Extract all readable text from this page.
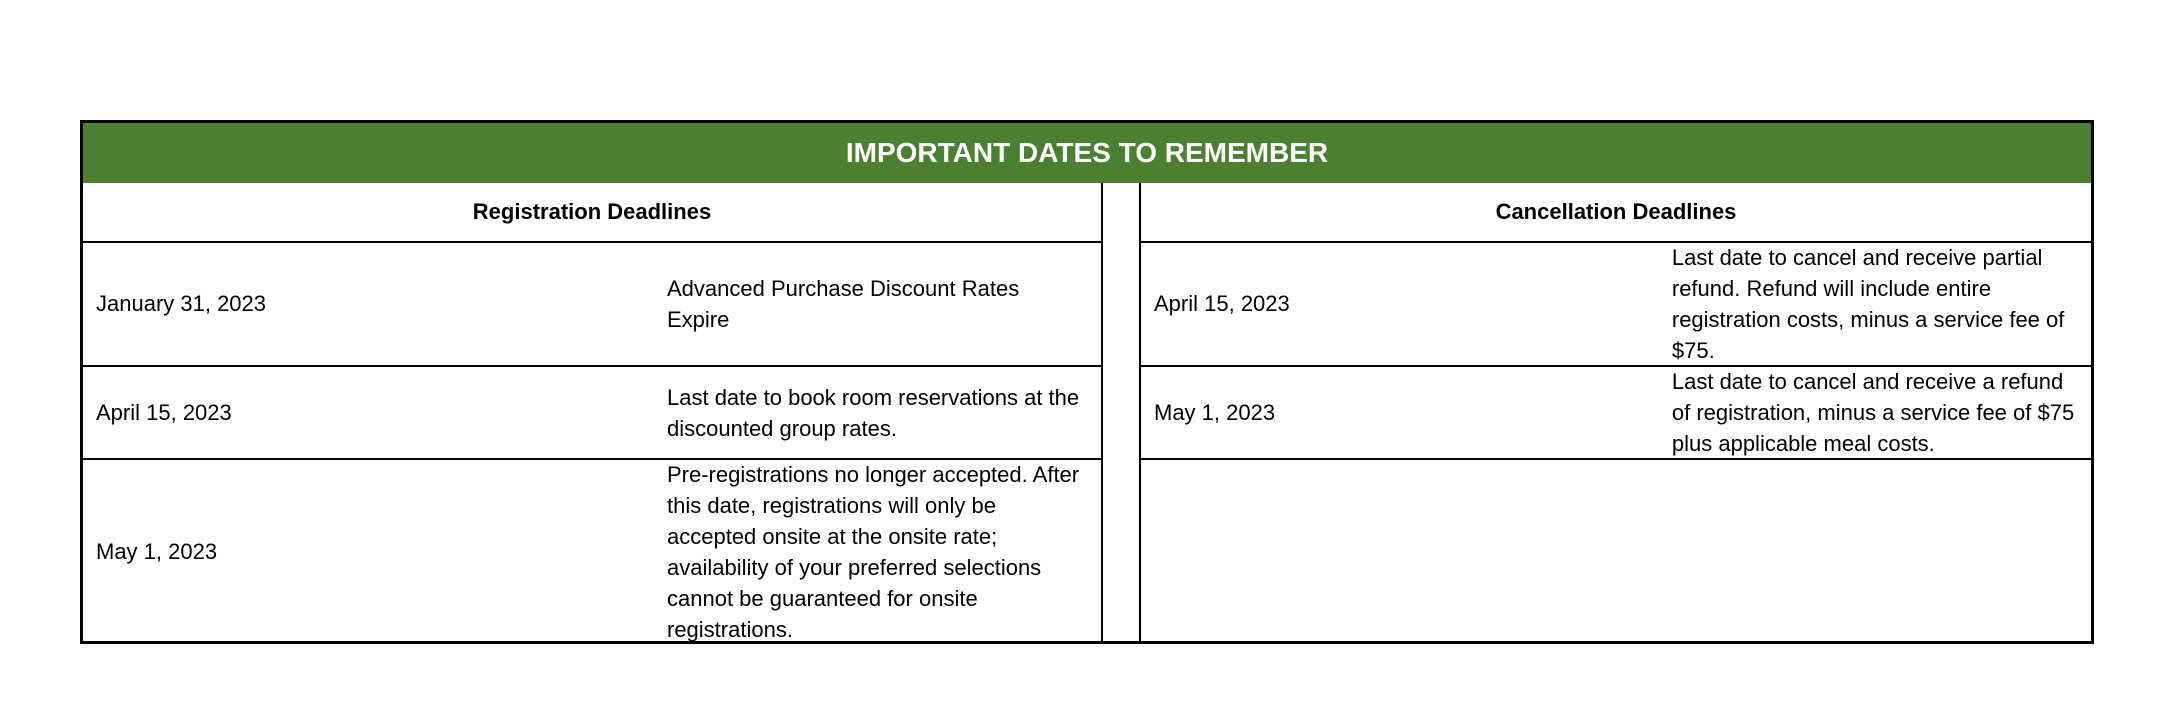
IMPORTANT DATES TO REMEMBER
Registration Deadlines
January 31, 2023
Advanced Purchase Discount Rates Expire
April 15, 2023
Last date to book room reservations at the discounted group rates.
May 1, 2023
Pre-registrations no longer accepted. After this date, registrations will only be accepted onsite at the onsite rate; availability of your preferred selections cannot be guaranteed for onsite registrations.
Cancellation Deadlines
April 15, 2023
Last date to cancel and receive partial refund. Refund will include entire registration costs, minus a service fee of $75.
May 1, 2023
Last date to cancel and receive a refund of registration, minus a service fee of $75 plus applicable meal costs.
